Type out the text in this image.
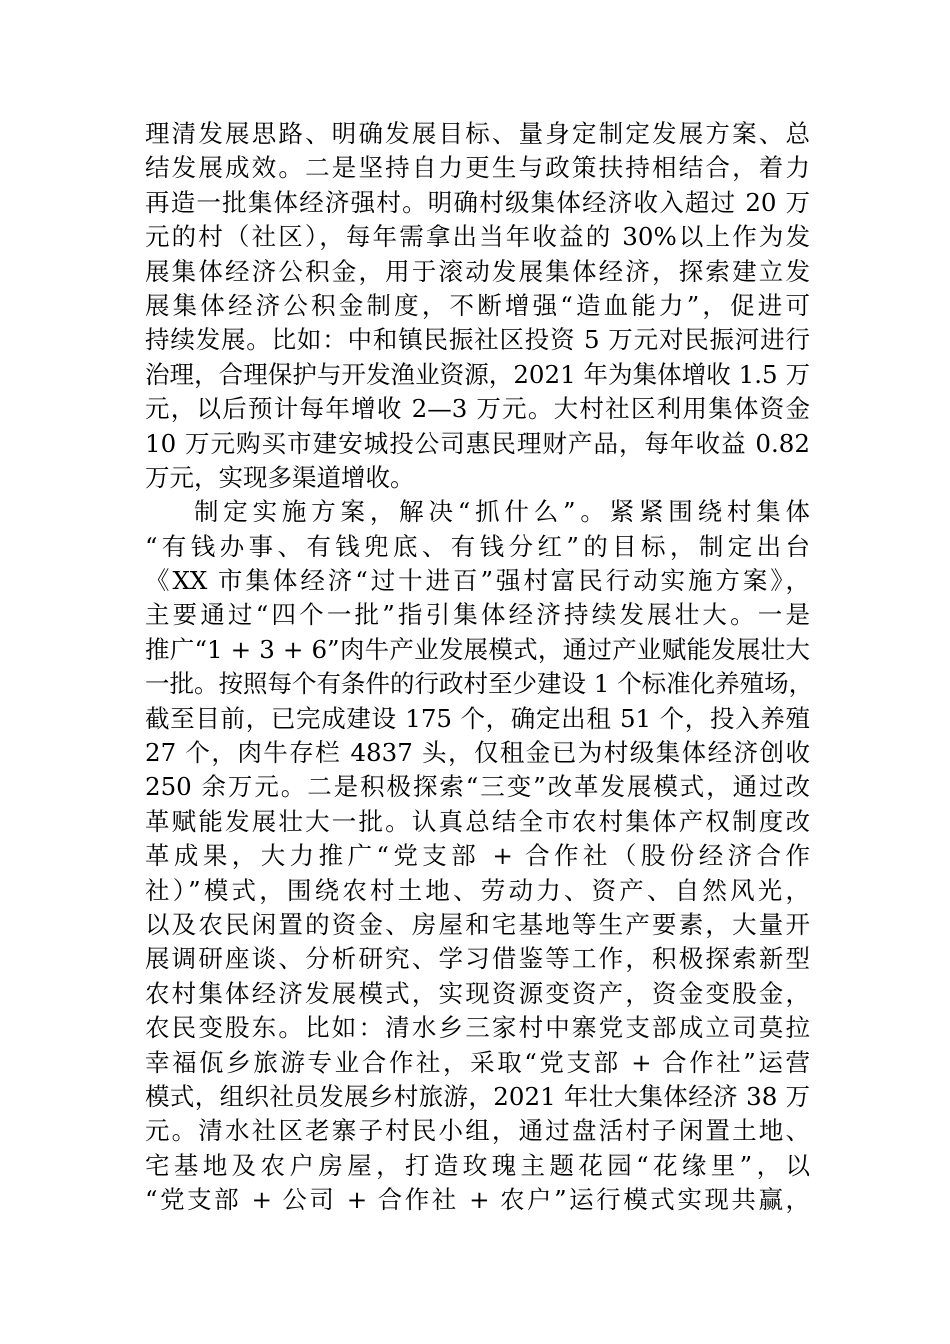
理清发展思路、明确发展目标、量身定制定发展方案、总
结发展成效。二是坚持自力更生与政策扶持相结合，着力
再造一批集体经济强村。明确村级集体经济收入超过 20 万
元的村（社区），每年需拿出当年收益的 30%以上作为发
展集体经济公积金，用于滚动发展集体经济，探索建立发
展集体经济公积金制度，不断增强“造血能力”，促进可
持续发展。比如：中和镇民振社区投资 5 万元对民振河进行
治理，合理保护与开发渔业资源，2021 年为集体增收 1.5 万
元，以后预计每年增收 2—3 万元。大村社区利用集体资金
10 万元购买市建安城投公司惠民理财产品，每年收益 0.82
万元，实现多渠道增收。
制定实施方案，解决“抓什么”。紧紧围绕村集体
“有钱办事、有钱兜底、有钱分红”的目标，制定出台
《XX 市集体经济“过十进百”强村富民行动实施方案》，
主要通过“四个一批”指引集体经济持续发展壮大。一是
推广“1 + 3 + 6”肉牛产业发展模式，通过产业赋能发展壮大
一批。按照每个有条件的行政村至少建设 1 个标准化养殖场，
截至目前，已完成建设 175 个，确定出租 51 个，投入养殖
27 个，肉牛存栏 4837 头，仅租金已为村级集体经济创收
250 余万元。二是积极探索“三变”改革发展模式，通过改
革赋能发展壮大一批。认真总结全市农村集体产权制度改
革成果，大力推广“党支部 + 合作社（股份经济合作
社）”模式，围绕农村土地、劳动力、资产、自然风光，
以及农民闲置的资金、房屋和宅基地等生产要素，大量开
展调研座谈、分析研究、学习借鉴等工作，积极探索新型
农村集体经济发展模式，实现资源变资产，资金变股金，
农民变股东。比如：清水乡三家村中寨党支部成立司莫拉
幸福佤乡旅游专业合作社，采取“党支部 + 合作社”运营
模式，组织社员发展乡村旅游，2021 年壮大集体经济 38 万
元。清水社区老寨子村民小组，通过盘活村子闲置土地、
宅基地及农户房屋，打造玫瑰主题花园“花缘里”，以
“党支部 + 公司 + 合作社 + 农户”运行模式实现共赢，
